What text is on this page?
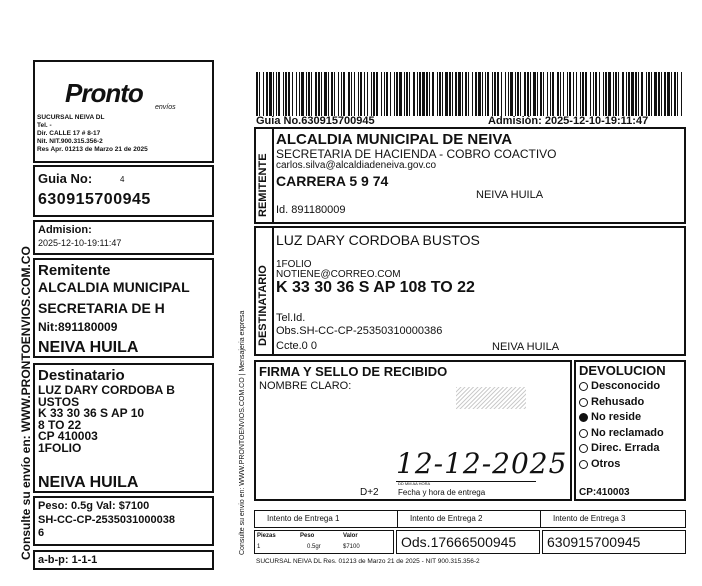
Consulte su envío en: WWW.PRONTOENVIOS.COM.CO
Pronto envíos
SUCURSAL NEIVA DL
Tel. -
Dir. CALLE 17 # 8-17
Nit. NIT.900.315.356-2
Res Apr. 01213 de Marzo 21 de 2025
Guia No:	4
630915700945
Admision:
2025-12-10-19:11:47
Remitente
ALCALDIA MUNICIPAL
SECRETARIA DE H
Nit:891180009
NEIVA HUILA
Destinatario
LUZ DARY CORDOBA B
USTOS
K 33 30 36 S AP 10
8 TO 22
CP 410003
1FOLIO
NEIVA HUILA
Peso: 0.5g Val: $7100
SH-CC-CP-2535031000038
6
a-b-p: 1-1-1
Consulte su envio en: WWW.PRONTOENVIOS.COM.CO | Mensajeria expresa
Guia No.630915700945	Admisión: 2025-12-10-19:11:47
REMITENTE
ALCALDIA MUNICIPAL DE NEIVA
SECRETARIA DE HACIENDA - COBRO COACTIVO
carlos.silva@alcaldiadeneiva.gov.co
CARRERA 5 9 74
NEIVA HUILA
Id. 891180009
DESTINATARIO
LUZ DARY CORDOBA BUSTOS
1FOLIO
NOTIENE@CORREO.COM
K 33 30 36 S AP 108 TO 22
Tel.Id.
Obs.SH-CC-CP-25350310000386
Ccte.0 0	NEIVA HUILA
FIRMA Y SELLO DE RECIBIDO
NOMBRE CLARO:
12-12-2025
D+2
DD MM AA HORA
Fecha y hora de entrega
DEVOLUCION
Desconocido
Rehusado
No reside
No reclamado
Direc. Errada
Otros
CP:410003
Intento de Entrega 1	Intento de Entrega 2	Intento de Entrega 3
Piezas
1
Peso
0.5gr
Valor
$7100	Ods.17666500945 630915700945
SUCURSAL NEIVA DL Res. 01213 de Marzo 21 de 2025 - NIT 900.315.356-2
